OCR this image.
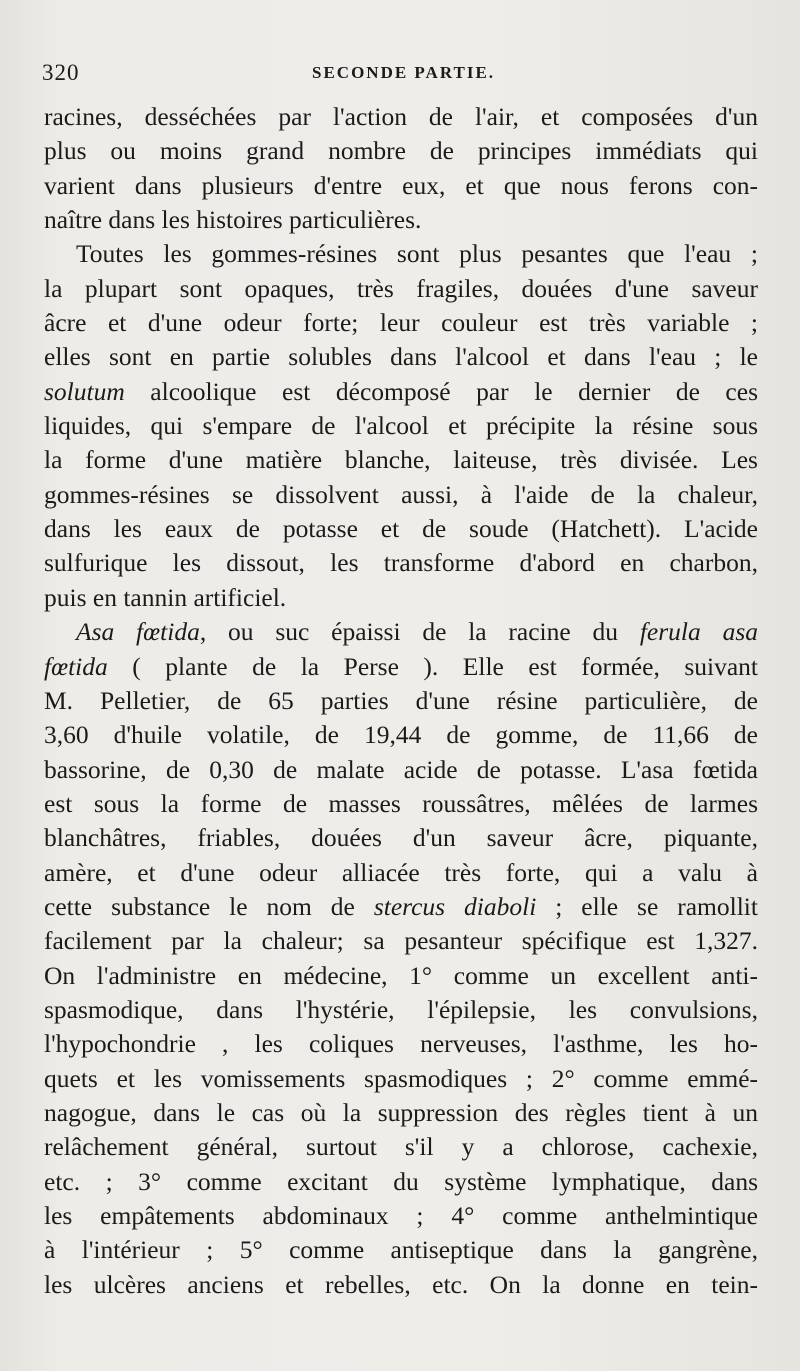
320	SECONDE PARTIE.
racines, desséchées par l'action de l'air, et composées d'un
plus ou moins grand nombre de principes immédiats qui
varient dans plusieurs d'entre eux, et que nous ferons con-
naître dans les histoires particulières.
Toutes les gommes-résines sont plus pesantes que l'eau ;
la plupart sont opaques, très fragiles, douées d'une saveur
âcre et d'une odeur forte; leur couleur est très variable ;
elles sont en partie solubles dans l'alcool et dans l'eau ; le
solutum alcoolique est décomposé par le dernier de ces
liquides, qui s'empare de l'alcool et précipite la résine sous
la forme d'une matière blanche, laiteuse, très divisée. Les
gommes-résines se dissolvent aussi, à l'aide de la chaleur,
dans les eaux de potasse et de soude (Hatchett). L'acide
sulfurique les dissout, les transforme d'abord en charbon,
puis en tannin artificiel.
Asa fœtida, ou suc épaissi de la racine du ferula asa
fœtida ( plante de la Perse ). Elle est formée, suivant
M. Pelletier, de 65 parties d'une résine particulière, de
3,60 d'huile volatile, de 19,44 de gomme, de 11,66 de
bassorine, de 0,30 de malate acide de potasse. L'asa fœtida
est sous la forme de masses roussâtres, mêlées de larmes
blanchâtres, friables, douées d'un saveur âcre, piquante,
amère, et d'une odeur alliacée très forte, qui a valu à
cette substance le nom de stercus diaboli ; elle se ramollit
facilement par la chaleur; sa pesanteur spécifique est 1,327.
On l'administre en médecine, 1° comme un excellent anti-
spasmodique, dans l'hystérie, l'épilepsie, les convulsions,
l'hypochondrie , les coliques nerveuses, l'asthme, les ho-
quets et les vomissements spasmodiques ; 2° comme emmé-
nagogue, dans le cas où la suppression des règles tient à un
relâchement général, surtout s'il y a chlorose, cachexie,
etc. ; 3° comme excitant du système lymphatique, dans
les empâtements abdominaux ; 4° comme anthelmintique
à l'intérieur ; 5° comme antiseptique dans la gangrène,
les ulcères anciens et rebelles, etc. On la donne en tein-
